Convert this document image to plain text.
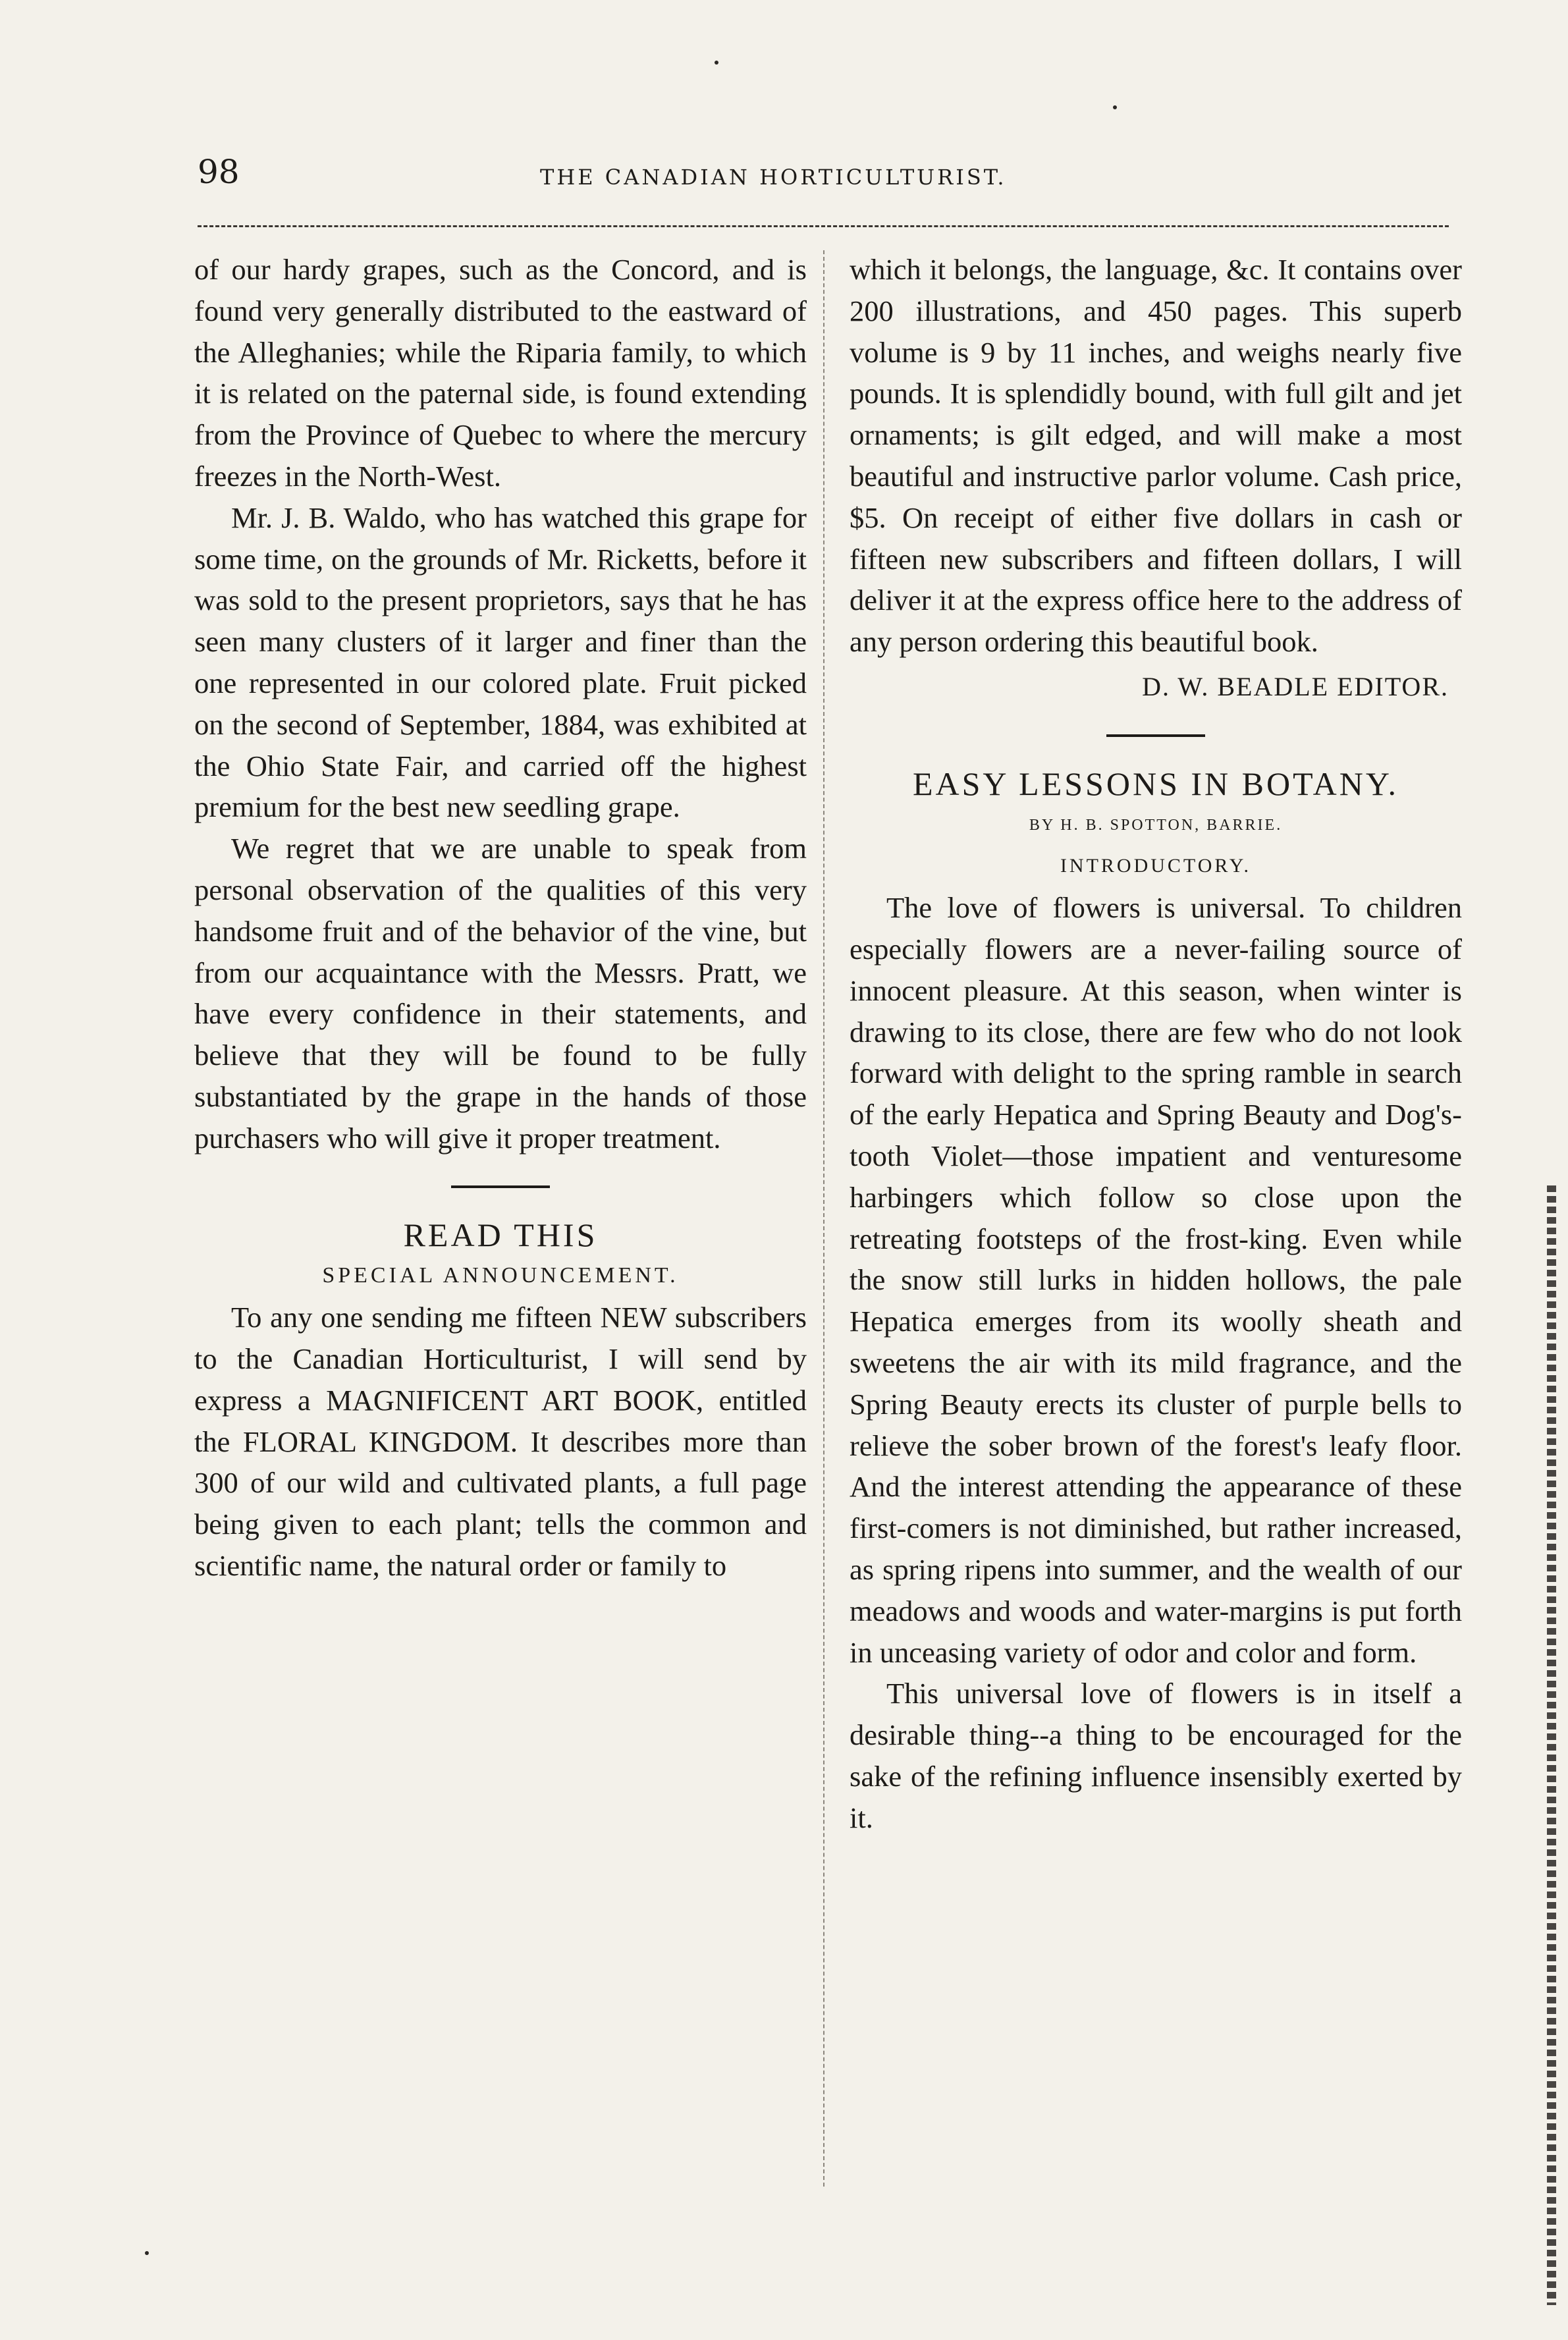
98	THE CANADIAN HORTICULTURIST.

of our hardy grapes, such as the Concord, and is found very generally distributed to the eastward of the Alleghanies; while the Riparia family, to which it is related on the paternal side, is found extending from the Province of Quebec to where the mercury freezes in the North-West.

Mr. J. B. Waldo, who has watched this grape for some time, on the grounds of Mr. Ricketts, before it was sold to the present proprietors, says that he has seen many clusters of it larger and finer than the one represented in our colored plate. Fruit picked on the second of September, 1884, was exhibited at the Ohio State Fair, and carried off the highest premium for the best new seedling grape.

We regret that we are unable to speak from personal observation of the qualities of this very handsome fruit and of the behavior of the vine, but from our acquaintance with the Messrs. Pratt, we have every confidence in their statements, and believe that they will be found to be fully substantiated by the grape in the hands of those purchasers who will give it proper treatment.

READ THIS

SPECIAL ANNOUNCEMENT.

To any one sending me fifteen NEW subscribers to the Canadian Horticulturist, I will send by express a MAGNIFICENT ART BOOK, entitled the FLORAL KINGDOM. It describes more than 300 of our wild and cultivated plants, a full page being given to each plant; tells the common and scientific name, the natural order or family to

which it belongs, the language, &c. It contains over 200 illustrations, and 450 pages. This superb volume is 9 by 11 inches, and weighs nearly five pounds. It is splendidly bound, with full gilt and jet ornaments; is gilt edged, and will make a most beautiful and instructive parlor volume. Cash price, $5. On receipt of either five dollars in cash or fifteen new subscribers and fifteen dollars, I will deliver it at the express office here to the address of any person ordering this beautiful book.

D. W. BEADLE EDITOR.

EASY LESSONS IN BOTANY.

BY H. B. SPOTTON, BARRIE.

INTRODUCTORY.

The love of flowers is universal. To children especially flowers are a never-failing source of innocent pleasure. At this season, when winter is drawing to its close, there are few who do not look forward with delight to the spring ramble in search of the early Hepatica and Spring Beauty and Dog's-tooth Violet—those impatient and venturesome harbingers which follow so close upon the retreating footsteps of the frost-king. Even while the snow still lurks in hidden hollows, the pale Hepatica emerges from its woolly sheath and sweetens the air with its mild fragrance, and the Spring Beauty erects its cluster of purple bells to relieve the sober brown of the forest's leafy floor. And the interest attending the appearance of these first-comers is not diminished, but rather increased, as spring ripens into summer, and the wealth of our meadows and woods and water-margins is put forth in unceasing variety of odor and color and form.

This universal love of flowers is in itself a desirable thing--a thing to be encouraged for the sake of the refining influence insensibly exerted by it.
